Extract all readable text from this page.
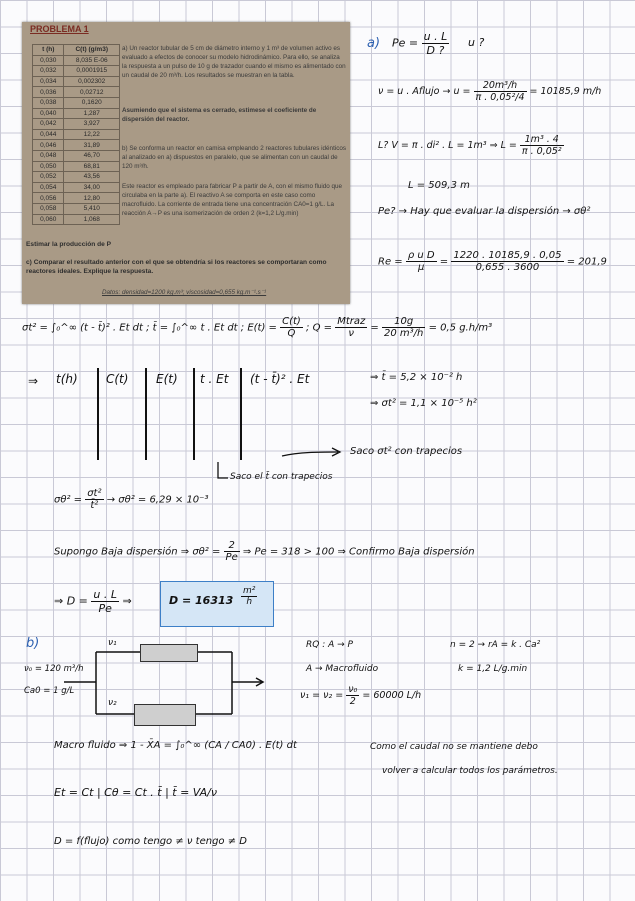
PROBLEMA 1
t (h)	C(t) (g/m3)
0,030	8,035 E-06
0,032	0,0001915
0,034	0,002302
0,036	0,02712
0,038	0,1620
0,040	1,287
0,042	3,927
0,044	12,22
0,046	31,89
0,048	46,70
0,050	68,81
0,052	43,56
0,054	34,00
0,056	12,80
0,058	5,410
0,060	1,068
a) Un reactor tubular de 5 cm de diámetro interno y 1 m³ de volumen activo es evaluado a efectos de conocer su modelo hidrodinámico. Para ello, se analiza la respuesta a un pulso de 10 g de trazador cuando el mismo es alimentado con un caudal de 20 m³/h. Los resultados se muestran en la tabla.
Asumiendo que el sistema es cerrado, estimese el coeficiente de dispersión del reactor.
b) Se conforma un reactor en camisa empleando 2 reactores tubulares idénticos al analizado en a) dispuestos en paralelo, que se alimentan con un caudal de 120 m³/h.
Este reactor es empleado para fabricar P a partir de A, con el mismo fluido que circulaba en la parte a). El reactivo A se comporta en este caso como macrofluido. La corriente de entrada tiene una concentración CA0=1 g/L. La reacción A→P es una isomerización de orden 2 (k=1,2 L/g.min)
Estimar la producción de P
c) Comparar el resultado anterior con el que se obtendría si los reactores se comportaran como reactores ideales. Explique la respuesta.
Datos: densidad=1200 kg.m³; viscosidad=0,655 kg.m⁻¹.s⁻¹
a) $Pe = \frac{u . L}{D ?}$ u ?
ν = u . Aflujo → $u = \frac{\text{20m³/h}}{\text{π . 0,05²/4}} = 10185,9$ m/h
L? V = π . di² . L = 1m³ ⇒ $L = \frac{\text{1m³ . 4}}{\text{π . 0,05²}}$
L = 509,3 m
Pe? → Hay que evaluar la dispersión → σθ²
$Re = \frac{\text{ρ u D}}{\mu} = \frac{1220 . 10185,9 . 0,05}{0,655 . 3600} = 201,9$
σt² = ∫₀^∞ (t - t̄)² . Et dt ; t̄ = ∫₀^∞ t . Et dt ; $E(t) = \frac{C(t)}{Q}$ ; $Q = \frac{\text{Mtraz}}{\nu} = \frac{10g}{\text{20 m³/h}} = 0,5$ g.h/m³
⇒ t(h) C(t) E(t) t . Et (t - t̄)² . Et	⇒ t̄ = 5,2 × 10⁻² h
⇒ σt² = 1,1 × 10⁻⁵ h²
Saco σt² con trapecios
Saco el t̄ con trapecios
$\sigma\theta^2 = \frac{\text{σt²}}{\text{t̄²}} \to \sigma\theta^2 = 6,29 \times 10^{-3}$
Supongo Baja dispersión ⇒ $\sigma\theta^2 = \frac{2}{Pe}$ ⇒ Pe = 318 > 100 ⇒ Confirmo Baja dispersión
⇒ $D = \frac{u . L}{Pe}$ ⇒	$D = 16313 \frac{\text{m²}}{h}$
b)	ν₁
ν₂
ν₀ = 120 m³/h
Ca0 = 1 g/L
RQ : A → P	n = 2 → rA = k . Ca²
A → Macrofluido	k = 1,2 L/g.min
$\nu_1 = \nu_2 = \frac{\text{ν₀}}{2} = 60000$ L/h
Macro fluido ⇒ 1 - X̄A = ∫₀^∞ (CA / CA0) . E(t) dt	Como el caudal no se mantiene debo
volver a calcular todos los parámetros.
Et = Ct | Cθ = Ct . t̄ | t̄ = VA/ν
D = f(flujo) como tengo ≠ ν tengo ≠ D
